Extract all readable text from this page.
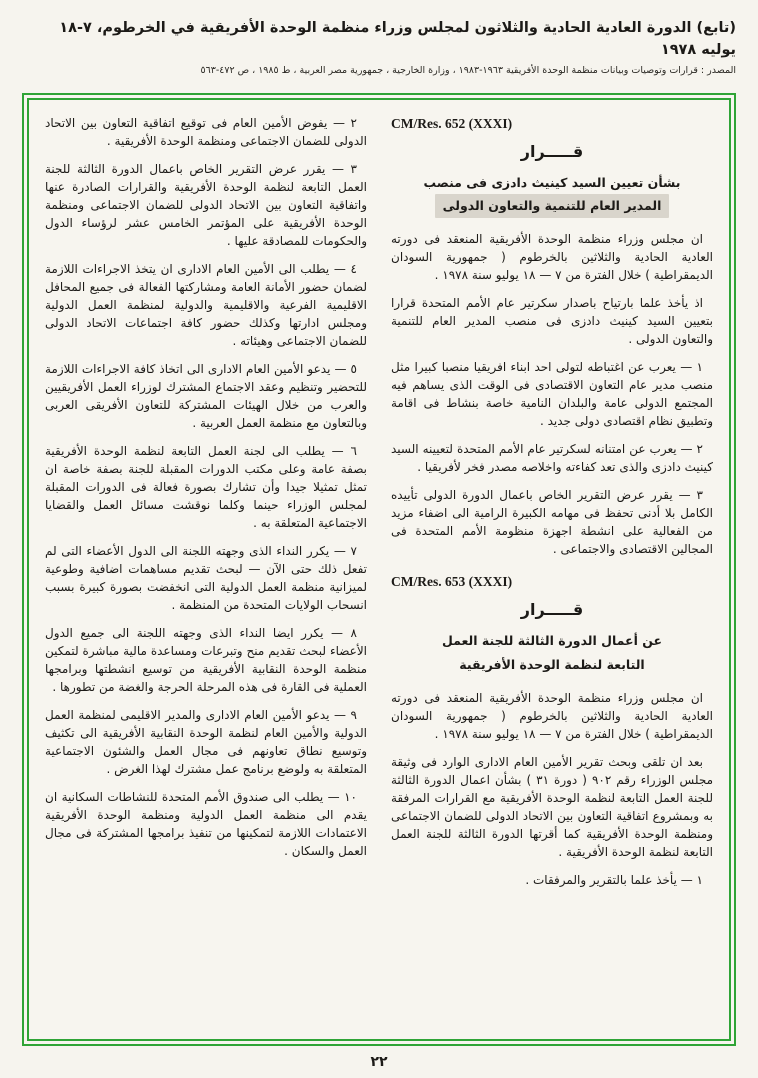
(تابع) الدورة العادية الحادية والثلاثون لمجلس وزراء منظمة الوحدة الأفريقية في الخرطوم، ٧-١٨ يوليه ١٩٧٨
المصدر : قرارات وتوصيات وبيانات منظمة الوحدة الأفريقية ١٩٦٣-١٩٨٣ ، وزارة الخارجية ، جمهورية مصر العربية ، ط ١٩٨٥ ، ص ٤٧٢-٥٦٣
CM/Res. 652 (XXXI)
قـــــرار
بشأن تعيين السيد كينيث دادزى فى منصب
المدير العام للتنمية والتعاون الدولى

ان مجلس وزراء منظمة الوحدة الأفريقية المنعقد فى دورته العادية الحادية والثلاثين بالخرطوم ( جمهورية السودان الديمقراطية ) خلال الفترة من ٧ — ١٨ يوليو سنة ١٩٧٨ .

اذ يأخذ علما بارتياح باصدار سكرتير عام الأمم المتحدة قرارا بتعيين السيد كينيث دادزى فى منصب المدير العام للتنمية والتعاون الدولى .

١ — يعرب عن اغتباطه لتولى احد ابناء افريقيا منصبا كبيرا مثل منصب مدير عام التعاون الاقتصادى فى الوقت الذى يساهم فيه المجتمع الدولى عامة والبلدان النامية خاصة بنشاط فى اقامة وتطبيق نظام اقتصادى دولى جديد .

٢ — يعرب عن امتنانه لسكرتير عام الأمم المتحدة لتعيينه السيد كينيث دادزى والذى تعد كفاءته واخلاصه مصدر فخر لأفريقيا .

٣ — يقرر عرض التقرير الخاص باعمال الدورة الدولى تأييده الكامل بلا أدنى تحفظ فى مهامه الكبيرة الرامية الى اضفاء مزيد من الفعالية على انشطة اجهزة منظومة الأمم المتحدة فى المجالين الاقتصادى والاجتماعى .

CM/Res. 653 (XXXI)
قـــــرار
عن أعمال الدورة الثالثة للجنة العمل
التابعة لنظمة الوحدة الأفريقية

ان مجلس وزراء منظمة الوحدة الأفريقية المنعقد فى دورته العادية الحادية والثلاثين بالخرطوم ( جمهورية السودان الديمقراطية ) خلال الفترة من ٧ — ١٨ يوليو سنة ١٩٧٨ .

بعد ان تلقى وبحث تقرير الأمين العام الادارى الوارد فى وثيقة مجلس الوزراء رقم ٩٠٢ ( دورة ٣١ ) بشأن اعمال الدورة الثالثة للجنة العمل التابعة لنظمة الوحدة الأفريقية مع القرارات المرفقة به وبمشروع اتفاقية التعاون بين الاتحاد الدولى للضمان الاجتماعى ومنظمة الوحدة الأفريقية كما أقرتها الدورة الثالثة للجنة العمل التابعة لنظمة الوحدة الأفريقية .

١ — يأخذ علما بالتقرير والمرفقات .

٢ — يفوض الأمين العام فى توقيع اتفاقية التعاون بين الاتحاد الدولى للضمان الاجتماعى ومنظمة الوحدة الأفريقية .

٣ — يقرر عرض التقرير الخاص باعمال الدورة الثالثة للجنة العمل التابعة لنظمة الوحدة الأفريقية والقرارات الصادرة عنها واتفاقية التعاون بين الاتحاد الدولى للضمان الاجتماعى ومنظمة الوحدة الأفريقية على المؤتمر الخامس عشر لرؤساء الدول والحكومات للمصادقة عليها .

٤ — يطلب الى الأمين العام الادارى ان يتخذ الاجراءات اللازمة لضمان حضور الأمانة العامة ومشاركتها الفعالة فى جميع المحافل الاقليمية الفرعية والاقليمية والدولية لمنظمة العمل الدولية ومجلس ادارتها وكذلك حضور كافة اجتماعات الاتحاد الدولى للضمان الاجتماعى وهيئاته .

٥ — يدعو الأمين العام الادارى الى اتخاذ كافة الاجراءات اللازمة للتحضير وتنظيم وعقد الاجتماع المشترك لوزراء العمل الأفريقيين والعرب من خلال الهيئات المشتركة للتعاون الأفريقى العربى وبالتعاون مع منظمة العمل العربية .

٦ — يطلب الى لجنة العمل التابعة لنظمة الوحدة الأفريقية بصفة عامة وعلى مكتب الدورات المقبلة للجنة بصفة خاصة ان تمثل تمثيلا جيدا وأن تشارك بصورة فعالة فى الدورات المقبلة لمجلس الوزراء حينما وكلما نوقشت مسائل العمل والقضايا الاجتماعية المتعلقة به .

٧ — يكرر النداء الذى وجهته اللجنة الى الدول الأعضاء التى لم تفعل ذلك حتى الآن — لبحث تقديم مساهمات اضافية وطوعية لميزانية منظمة العمل الدولية التى انخفضت بصورة كبيرة بسبب انسحاب الولايات المتحدة من المنظمة .

٨ — يكرر ايضا النداء الذى وجهته اللجنة الى جميع الدول الأعضاء لبحث تقديم منح وتبرعات ومساعدة مالية مباشرة لتمكين منظمة الوحدة النقابية الأفريقية من توسيع انشطتها وبرامجها العملية فى القارة فى هذه المرحلة الحرجة والغضة من تطورها .

٩ — يدعو الأمين العام الادارى والمدير الاقليمى لمنظمة العمل الدولية والأمين العام لنظمة الوحدة النقابية الأفريقية الى تكثيف وتوسيع نطاق تعاونهم فى مجال العمل والشئون الاجتماعية المتعلقة به ولوضع برنامج عمل مشترك لهذا الغرض .

١٠ — يطلب الى صندوق الأمم المتحدة للنشاطات السكانية ان يقدم الى منظمة العمل الدولية ومنظمة الوحدة الأفريقية الاعتمادات اللازمة لتمكينها من تنفيذ برامجها المشتركة فى مجال العمل والسكان .

٢٢
